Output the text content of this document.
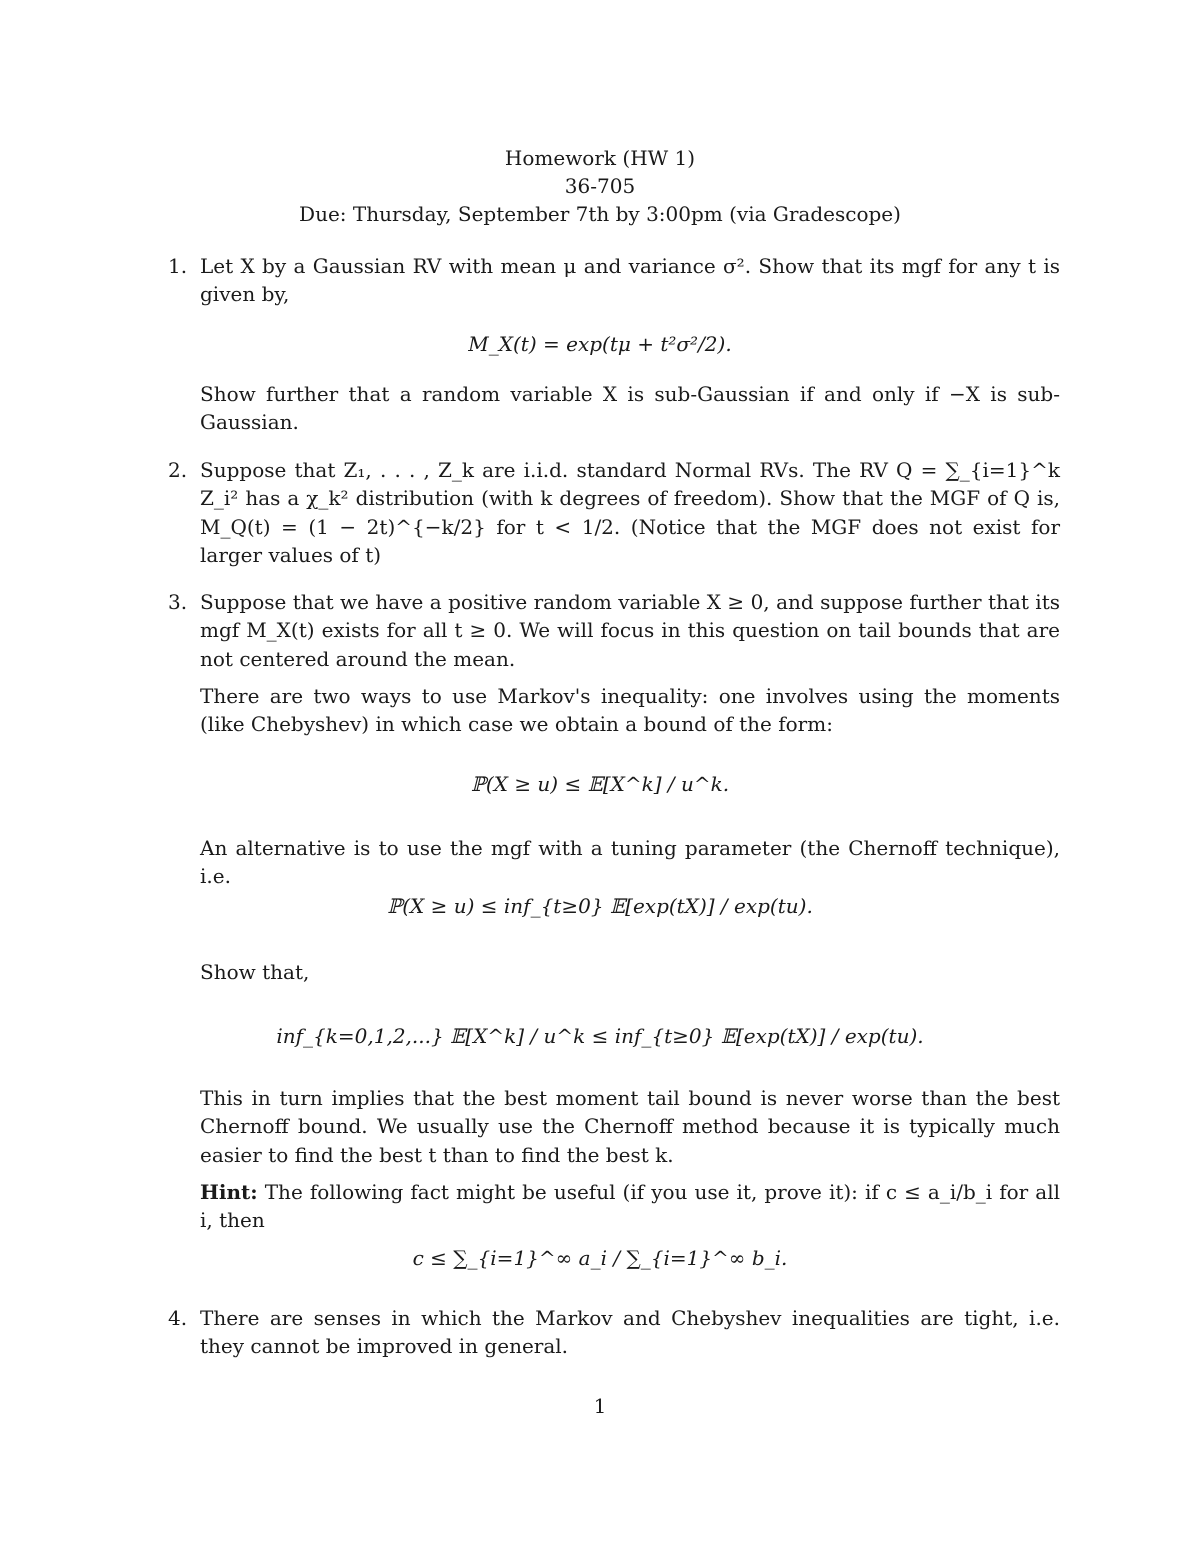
Homework (HW 1)
36-705
Due: Thursday, September 7th by 3:00pm (via Gradescope)
1. Let X by a Gaussian RV with mean μ and variance σ². Show that its mgf for any t is given by,
M_X(t) = exp(tμ + t²σ²/2).
Show further that a random variable X is sub-Gaussian if and only if −X is sub-Gaussian.
2. Suppose that Z₁, . . . , Z_k are i.i.d. standard Normal RVs. The RV Q = ∑_{i=1}^k Z_i² has a χ_k² distribution (with k degrees of freedom). Show that the MGF of Q is, M_Q(t) = (1 − 2t)^{−k/2} for t < 1/2. (Notice that the MGF does not exist for larger values of t)
3. Suppose that we have a positive random variable X ≥ 0, and suppose further that its mgf M_X(t) exists for all t ≥ 0. We will focus in this question on tail bounds that are not centered around the mean.
There are two ways to use Markov's inequality: one involves using the moments (like Chebyshev) in which case we obtain a bound of the form:
ℙ(X ≥ u) ≤ 𝔼[X^k] / u^k.
An alternative is to use the mgf with a tuning parameter (the Chernoff technique), i.e.
ℙ(X ≥ u) ≤ inf_{t≥0} 𝔼[exp(tX)] / exp(tu).
Show that,
inf_{k=0,1,2,...} 𝔼[X^k] / u^k ≤ inf_{t≥0} 𝔼[exp(tX)] / exp(tu).
This in turn implies that the best moment tail bound is never worse than the best Chernoff bound. We usually use the Chernoff method because it is typically much easier to find the best t than to find the best k.
Hint: The following fact might be useful (if you use it, prove it): if c ≤ a_i/b_i for all i, then
c ≤ ∑_{i=1}^∞ a_i / ∑_{i=1}^∞ b_i.
4. There are senses in which the Markov and Chebyshev inequalities are tight, i.e. they cannot be improved in general.
1
